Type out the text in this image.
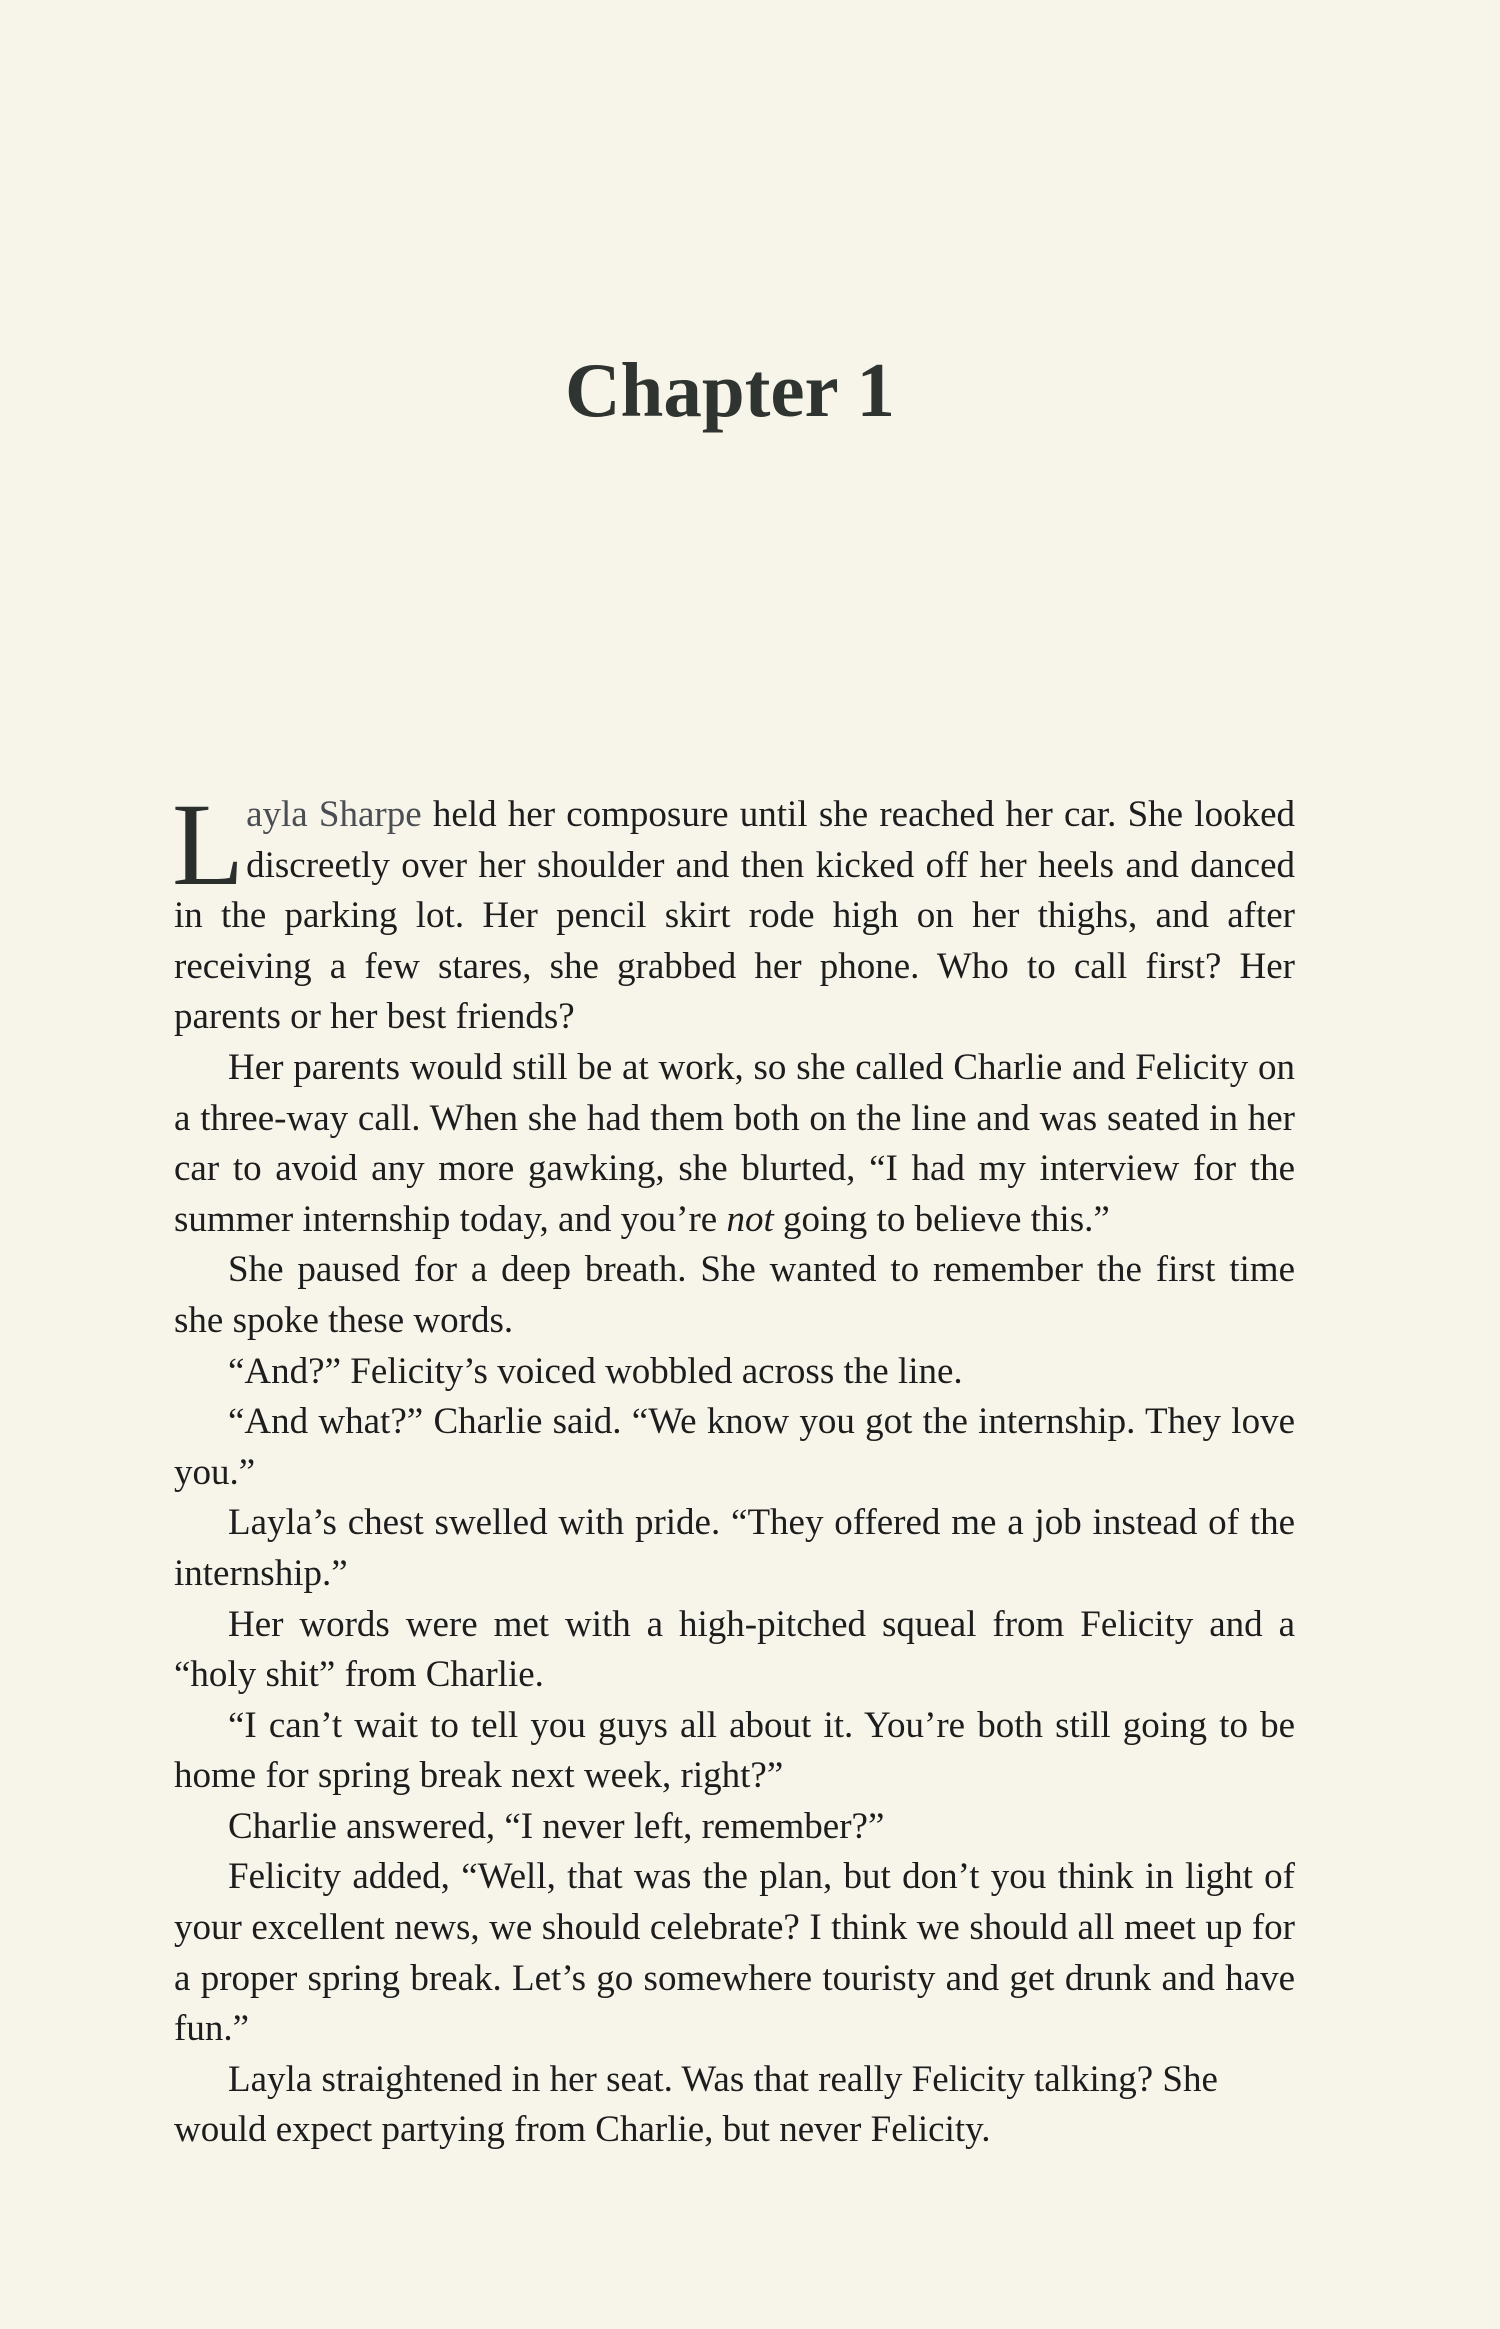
Chapter 1

Layla Sharpe held her composure until she reached her car. She looked discreetly over her shoulder and then kicked off her heels and danced in the parking lot. Her pencil skirt rode high on her thighs, and after receiving a few stares, she grabbed her phone. Who to call first? Her parents or her best friends?

Her parents would still be at work, so she called Charlie and Felicity on a three-way call. When she had them both on the line and was seated in her car to avoid any more gawking, she blurted, “I had my interview for the summer internship today, and you’re not going to believe this.”

She paused for a deep breath. She wanted to remember the first time she spoke these words.

“And?” Felicity’s voiced wobbled across the line.

“And what?” Charlie said. “We know you got the internship. They love you.”

Layla’s chest swelled with pride. “They offered me a job instead of the internship.”

Her words were met with a high-pitched squeal from Felicity and a “holy shit” from Charlie.

“I can’t wait to tell you guys all about it. You’re both still going to be home for spring break next week, right?”

Charlie answered, “I never left, remember?”

Felicity added, “Well, that was the plan, but don’t you think in light of your excellent news, we should celebrate? I think we should all meet up for a proper spring break. Let’s go somewhere touristy and get drunk and have fun.”

Layla straightened in her seat. Was that really Felicity talking? She would expect partying from Charlie, but never Felicity.
